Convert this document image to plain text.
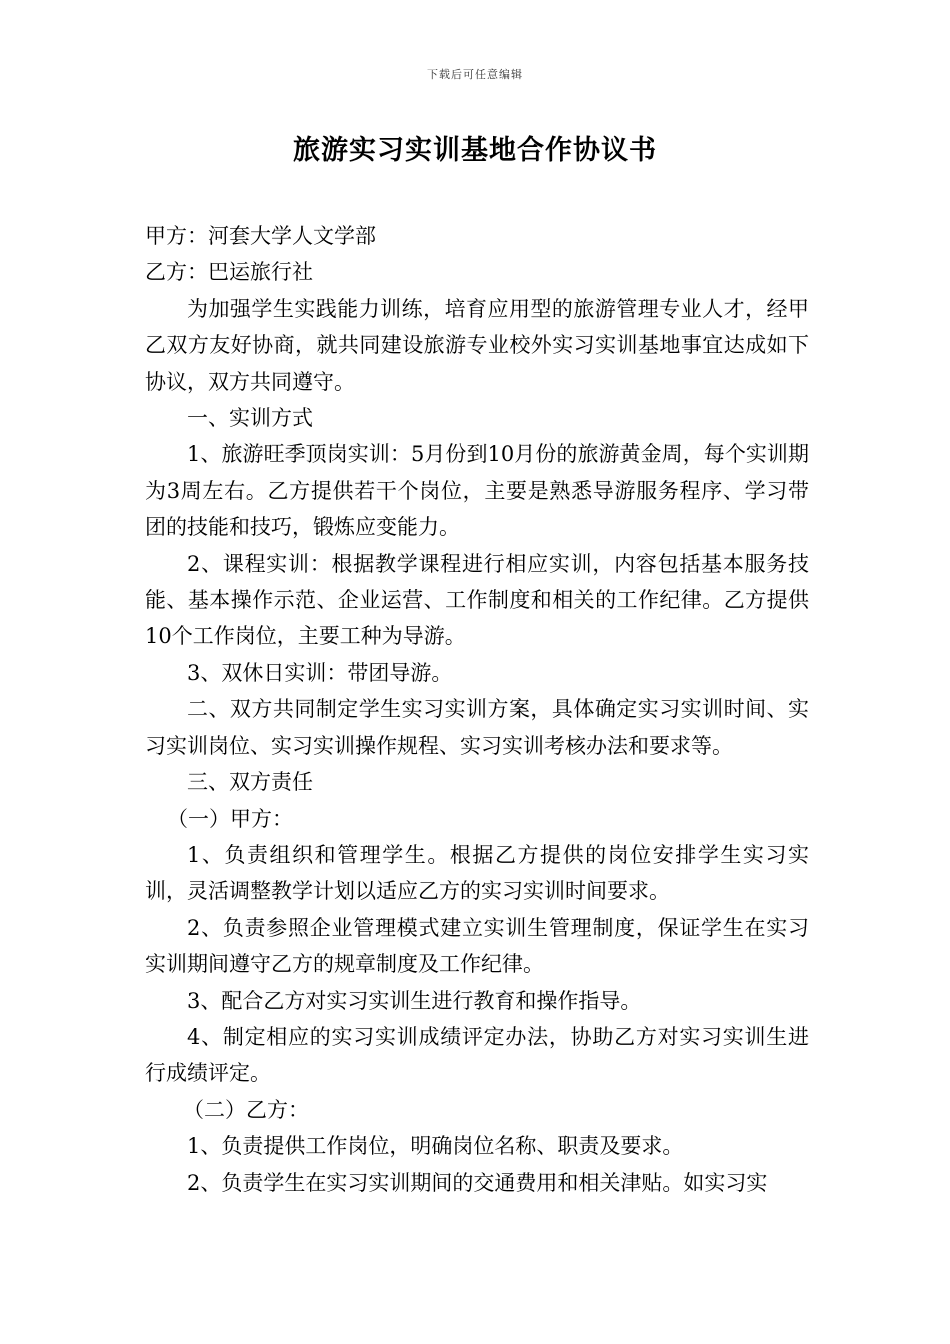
下载后可任意编辑
旅游实习实训基地合作协议书

甲方：河套大学人文学部

乙方：巴运旅行社

为加强学生实践能力训练，培育应用型的旅游管理专业人才，经甲乙双方友好协商，就共同建设旅游专业校外实习实训基地事宜达成如下协议，双方共同遵守。

一、实训方式

1、旅游旺季顶岗实训：5月份到10月份的旅游黄金周，每个实训期为3周左右。乙方提供若干个岗位，主要是熟悉导游服务程序、学习带团的技能和技巧，锻炼应变能力。

2、课程实训：根据教学课程进行相应实训，内容包括基本服务技能、基本操作示范、企业运营、工作制度和相关的工作纪律。乙方提供10个工作岗位，主要工种为导游。

3、双休日实训：带团导游。

二、双方共同制定学生实习实训方案，具体确定实习实训时间、实习实训岗位、实习实训操作规程、实习实训考核办法和要求等。

三、双方责任

（一）甲方：

1、负责组织和管理学生。根据乙方提供的岗位安排学生实习实训，灵活调整教学计划以适应乙方的实习实训时间要求。

2、负责参照企业管理模式建立实训生管理制度，保证学生在实习实训期间遵守乙方的规章制度及工作纪律。

3、配合乙方对实习实训生进行教育和操作指导。

4、制定相应的实习实训成绩评定办法，协助乙方对实习实训生进行成绩评定。

（二）乙方：

1、负责提供工作岗位，明确岗位名称、职责及要求。

2、负责学生在实习实训期间的交通费用和相关津贴。如实习实
